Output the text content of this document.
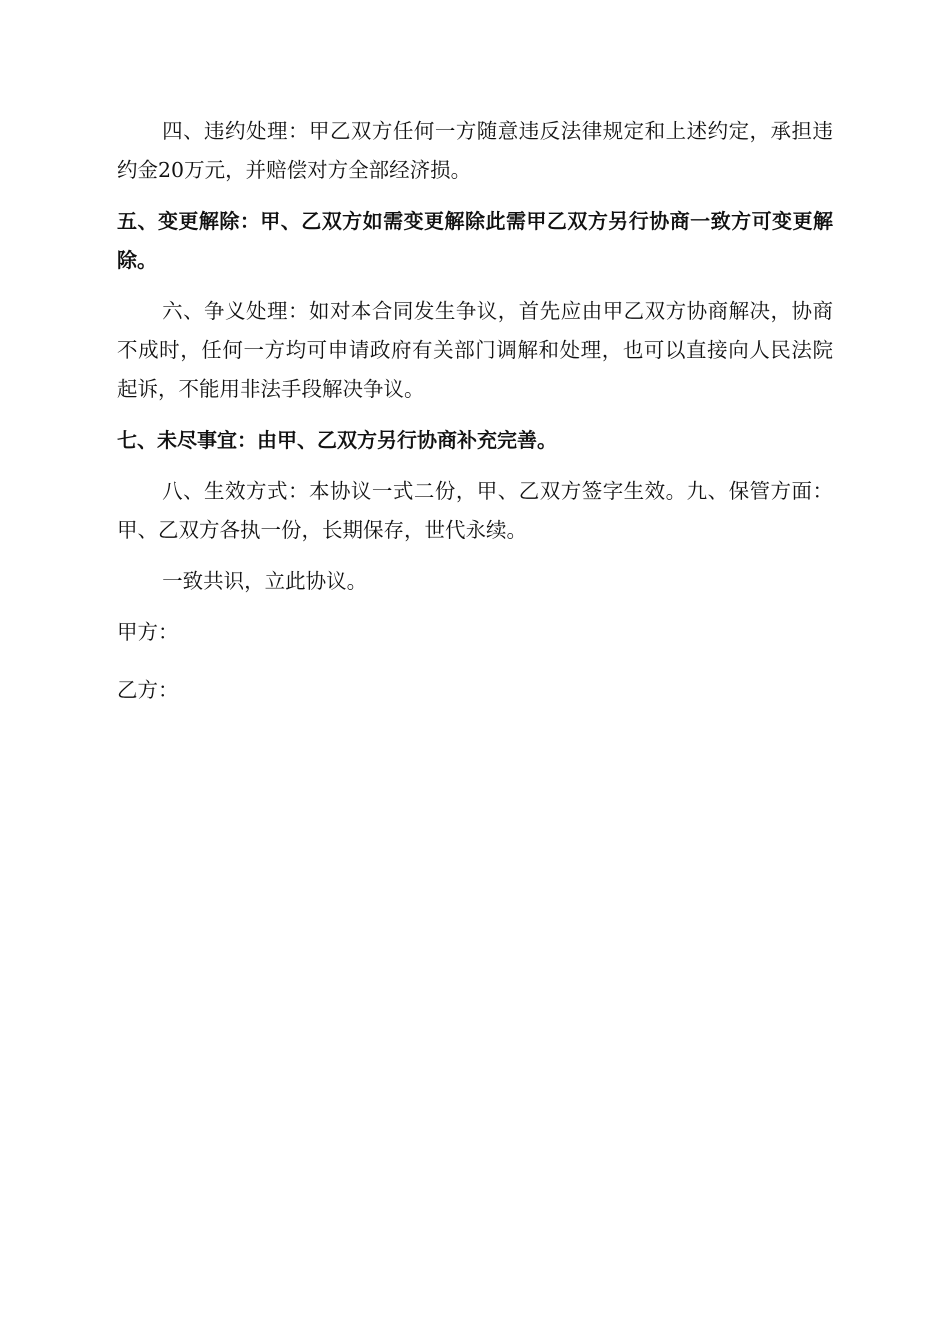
四、违约处理：甲乙双方任何一方随意违反法律规定和上述约定，承担违约金20万元，并赔偿对方全部经济损。

五、变更解除：甲、乙双方如需变更解除此需甲乙双方另行协商一致方可变更解除。

六、争义处理：如对本合同发生争议，首先应由甲乙双方协商解决，协商不成时，任何一方均可申请政府有关部门调解和处理，也可以直接向人民法院起诉，不能用非法手段解决争议。

七、未尽事宜：由甲、乙双方另行协商补充完善。

八、生效方式：本协议一式二份，甲、乙双方签字生效。九、保管方面：甲、乙双方各执一份，长期保存，世代永续。

一致共识，立此协议。

甲方：

乙方：
